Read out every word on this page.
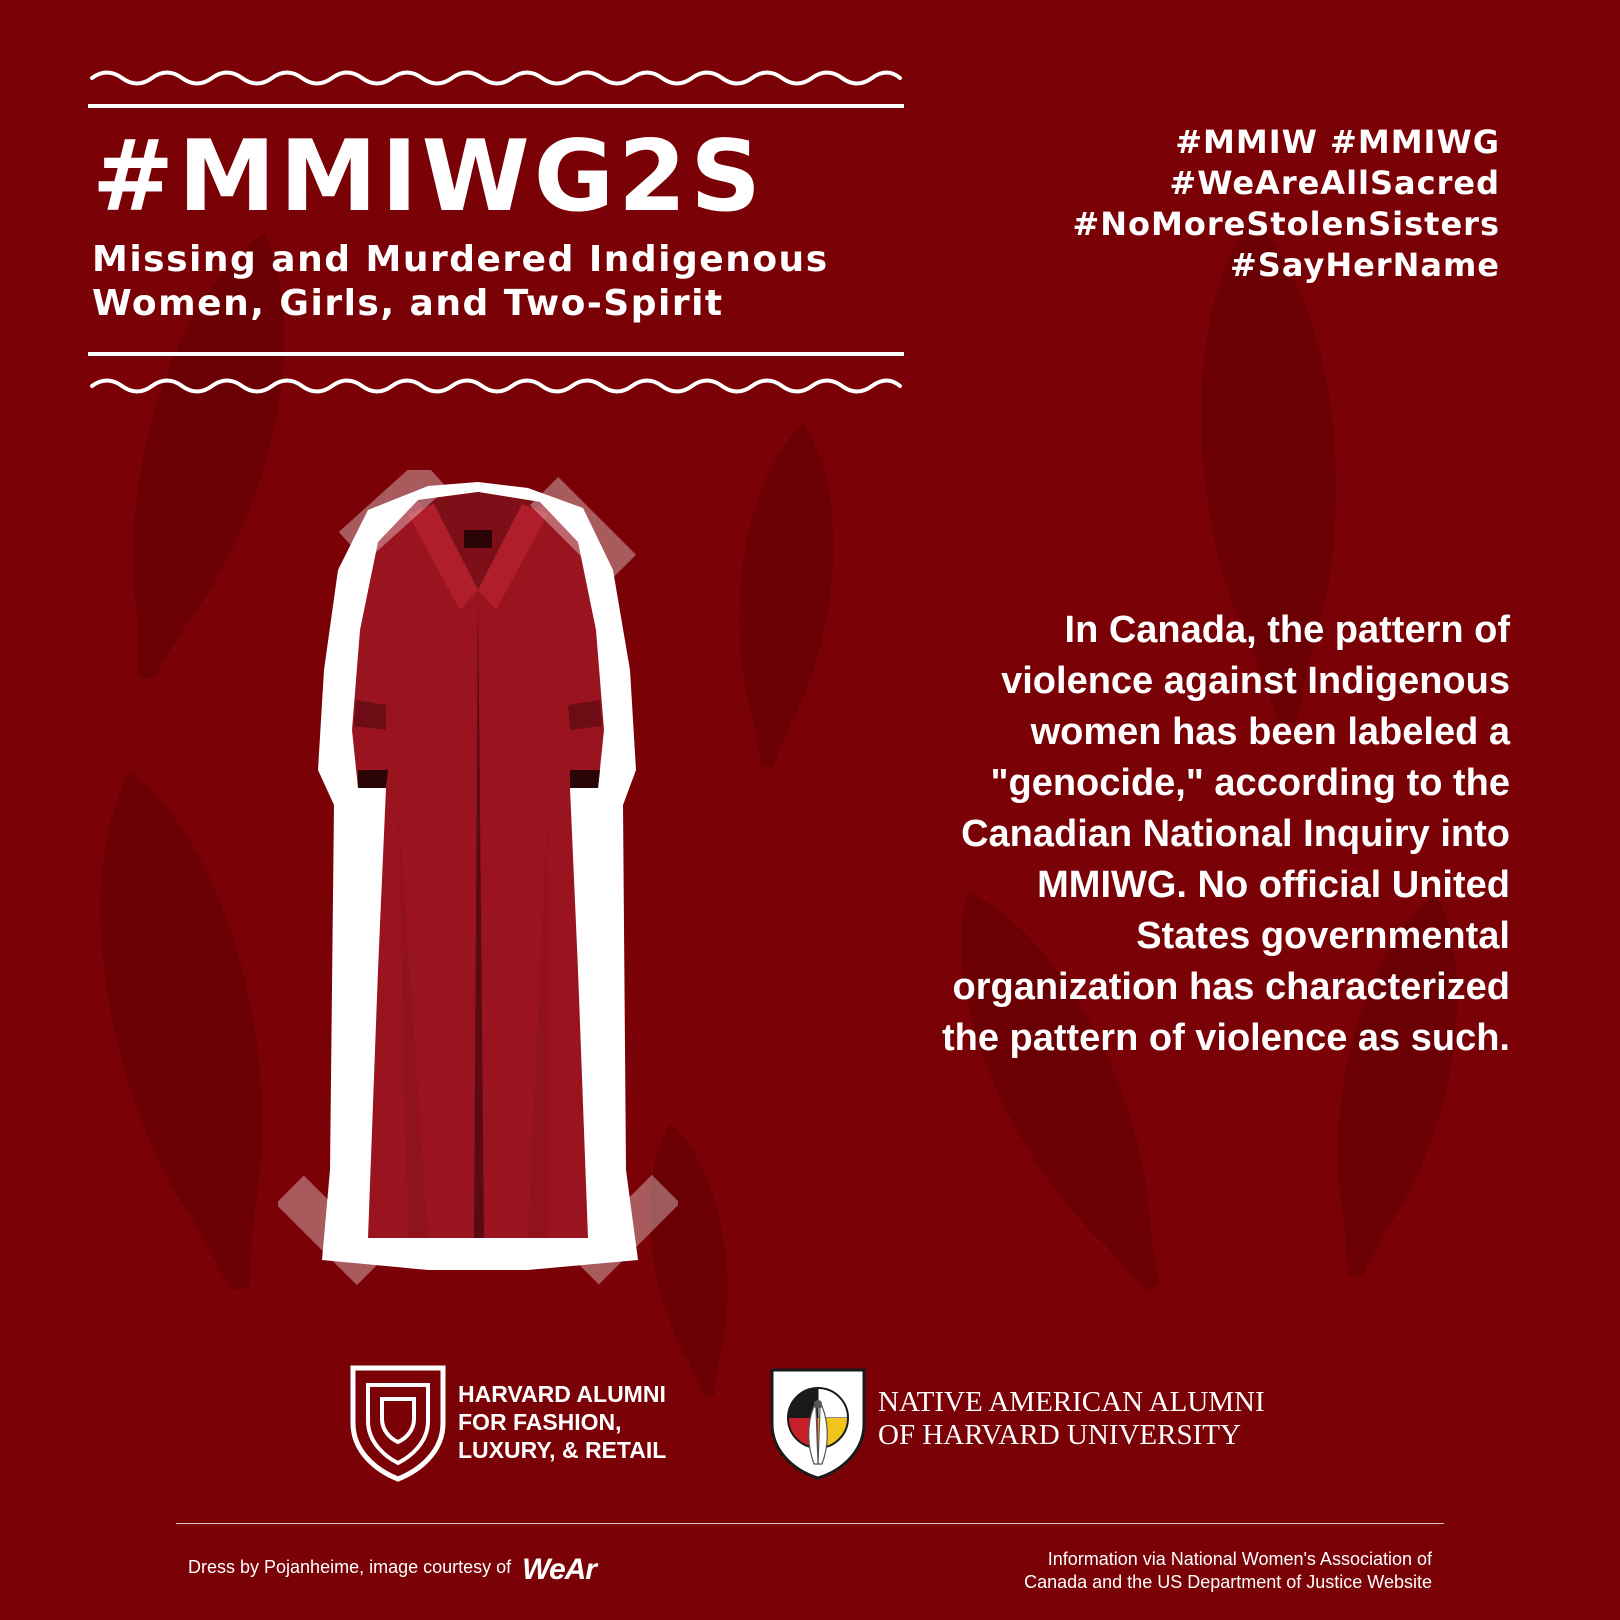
#MMIWG2S
Missing and Murdered Indigenous
Women, Girls, and Two-Spirit
#MMIW #MMIWG
#WeAreAllSacred
#NoMoreStolenSisters
#SayHerName
In Canada, the pattern of
violence against Indigenous
women has been labeled a
"genocide," according to the
Canadian National Inquiry into
MMIWG. No official United
States governmental
organization has characterized
the pattern of violence as such.
HARVARD ALUMNI
FOR FASHION,
LUXURY, & RETAIL
NATIVE AMERICAN ALUMNI
OF HARVARD UNIVERSITY
Dress by Pojanheime, image courtesy of WeAr	Information via National Women's Association of
Canada and the US Department of Justice Website
